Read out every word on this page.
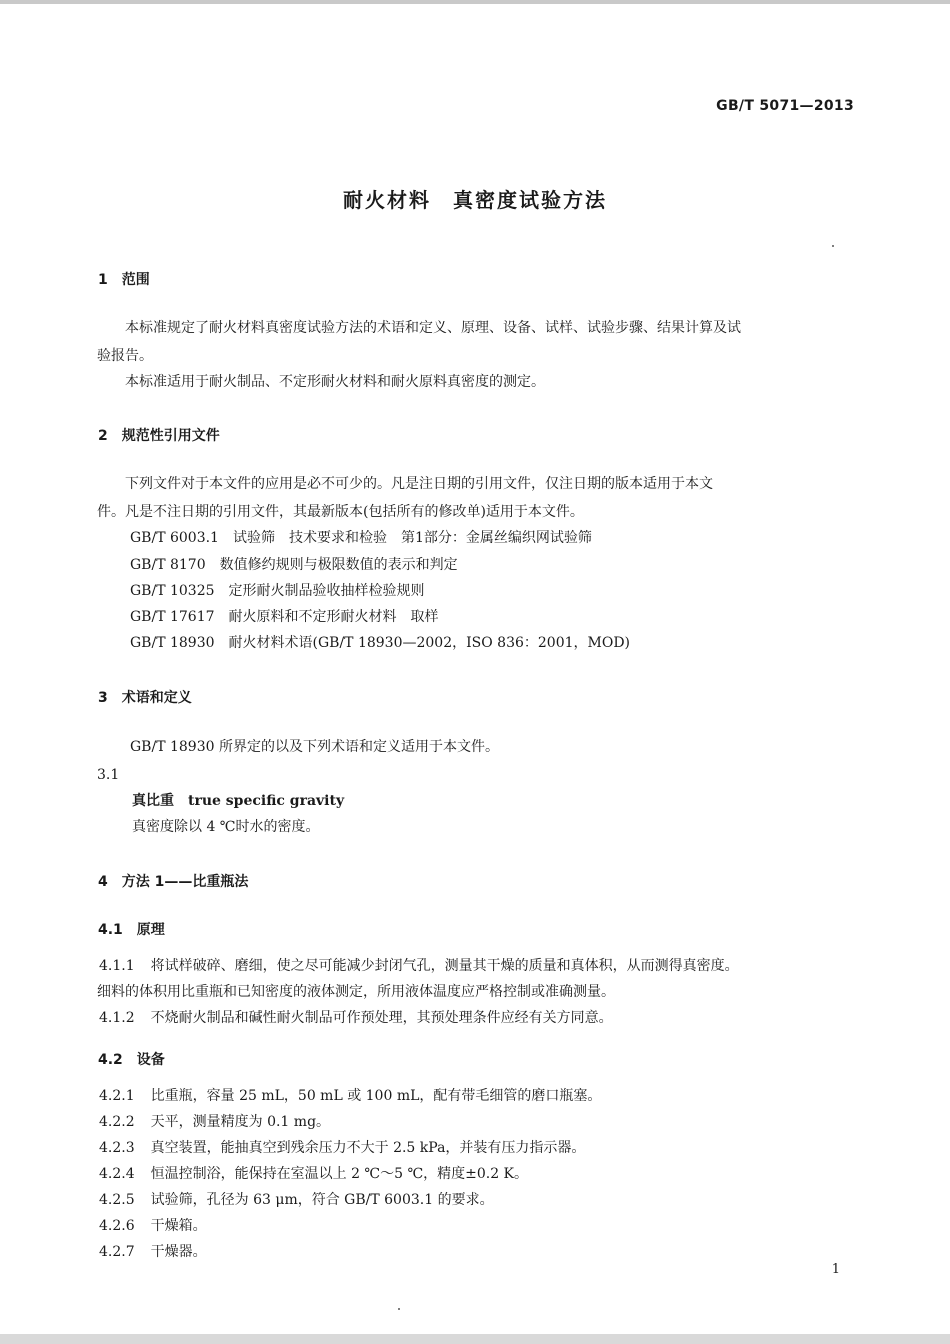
GB/T 5071—2013
耐火材料　真密度试验方法
1　范围
本标准规定了耐火材料真密度试验方法的术语和定义、原理、设备、试样、试验步骤、结果计算及试
验报告。
本标准适用于耐火制品、不定形耐火材料和耐火原料真密度的测定。
2　规范性引用文件
下列文件对于本文件的应用是必不可少的。凡是注日期的引用文件，仅注日期的版本适用于本文
件。凡是不注日期的引用文件，其最新版本(包括所有的修改单)适用于本文件。
GB/T 6003.1　试验筛　技术要求和检验　第1部分：金属丝编织网试验筛
GB/T 8170　数值修约规则与极限数值的表示和判定
GB/T 10325　定形耐火制品验收抽样检验规则
GB/T 17617　耐火原料和不定形耐火材料　取样
GB/T 18930　耐火材料术语(GB/T 18930—2002，ISO 836：2001，MOD)
3　术语和定义
GB/T 18930 所界定的以及下列术语和定义适用于本文件。
3.1
真比重　true specific gravity
真密度除以 4 ℃时水的密度。
4　方法 1——比重瓶法
4.1　原理
4.1.1 将试样破碎、磨细，使之尽可能减少封闭气孔，测量其干燥的质量和真体积，从而测得真密度。
细料的体积用比重瓶和已知密度的液体测定，所用液体温度应严格控制或准确测量。
4.1.2 不烧耐火制品和碱性耐火制品可作预处理，其预处理条件应经有关方同意。
4.2　设备
4.2.1 比重瓶，容量 25 mL，50 mL 或 100 mL，配有带毛细管的磨口瓶塞。
4.2.2 天平，测量精度为 0.1 mg。
4.2.3 真空装置，能抽真空到残余压力不大于 2.5 kPa，并装有压力指示器。
4.2.4 恒温控制浴，能保持在室温以上 2 ℃～5 ℃，精度±0.2 K。
4.2.5 试验筛，孔径为 63 μm，符合 GB/T 6003.1 的要求。
4.2.6 干燥箱。
4.2.7 干燥器。
1
